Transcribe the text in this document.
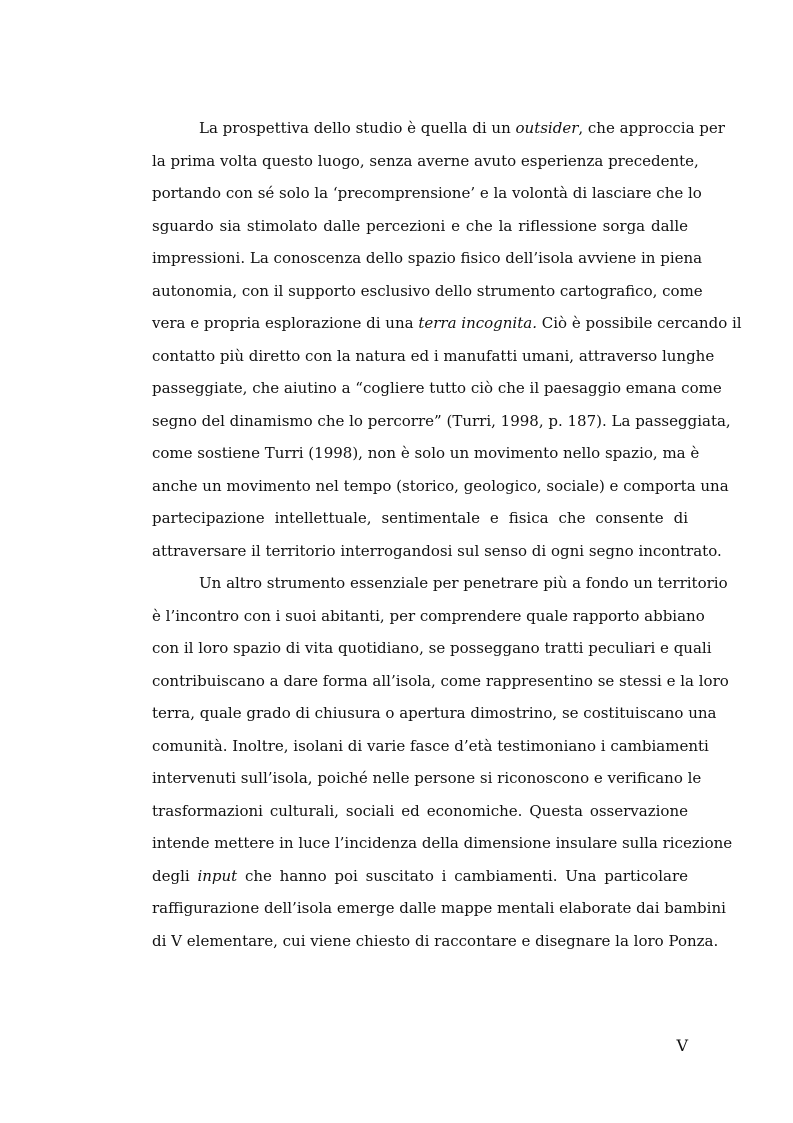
La prospettiva dello studio è quella di un outsider, che approccia per
la prima volta questo luogo, senza averne avuto esperienza precedente,
portando con sé solo la ‘precomprensione’ e la volontà di lasciare che lo
sguardo sia stimolato dalle percezioni e che la riflessione sorga dalle
impressioni. La conoscenza dello spazio fisico dell’isola avviene in piena
autonomia, con il supporto esclusivo dello strumento cartografico, come
vera e propria esplorazione di una terra incognita. Ciò è possibile cercando il
contatto più diretto con la natura ed i manufatti umani, attraverso lunghe
passeggiate, che aiutino a “cogliere tutto ciò che il paesaggio emana come
segno del dinamismo che lo percorre” (Turri, 1998, p. 187). La passeggiata,
come sostiene Turri (1998), non è solo un movimento nello spazio, ma è
anche un movimento nel tempo (storico, geologico, sociale) e comporta una
partecipazione intellettuale, sentimentale e fisica che consente di
attraversare il territorio interrogandosi sul senso di ogni segno incontrato.
Un altro strumento essenziale per penetrare più a fondo un territorio
è l’incontro con i suoi abitanti, per comprendere quale rapporto abbiano
con il loro spazio di vita quotidiano, se posseggano tratti peculiari e quali
contribuiscano a dare forma all’isola, come rappresentino se stessi e la loro
terra, quale grado di chiusura o apertura dimostrino, se costituiscano una
comunità. Inoltre, isolani di varie fasce d’età testimoniano i cambiamenti
intervenuti sull’isola, poiché nelle persone si riconoscono e verificano le
trasformazioni culturali, sociali ed economiche. Questa osservazione
intende mettere in luce l’incidenza della dimensione insulare sulla ricezione
degli input che hanno poi suscitato i cambiamenti. Una particolare
raffigurazione dell’isola emerge dalle mappe mentali elaborate dai bambini
di V elementare, cui viene chiesto di raccontare e disegnare la loro Ponza.
V
